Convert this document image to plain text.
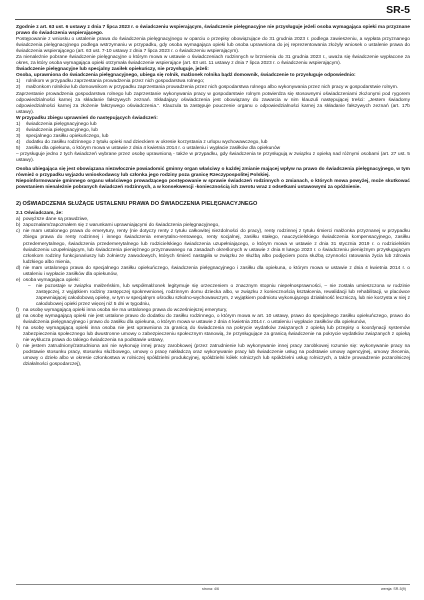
SR-5

Zgodnie z art. 63 ust. 6 ustawy z dnia 7 lipca 2023 r. o świadczeniu wspierającym, świadczenie pielęgnacyjne nie przysługuje jeżeli osoba wymagająca opieki ma przyznane prawo do świadczenia wspierającego.

Postępowanie z wniosku o ustalenie prawa do świadczenia pielęgnacyjnego w oparciu o przepisy obowiązujące do 31 grudnia 2023 r. podlega zawieszeniu, a wypłata przyznanego świadczenia pielęgnacyjnego podlega wstrzymaniu w przypadku, gdy osoba wymagająca opieki lub osoba uprawniona do jej reprezentowania złożyły wniosek o ustalenie prawa do świadczenia wspierającego (art. 63 ust. 7-10 ustawy z dnia 7 lipca 2023 r. o świadczeniu wspierającym).

Za nienależnie pobrane świadczenie pielęgnacyjne o którym mowa w ustawie o świadczeniach rodzinnych w brzmieniu do 31 grudnia 2023 r., uważa się świadczenie wypłacone za okres, za który osoba wymagająca opieki otrzymała świadczenie wspierające (art. 63 ust. 11 ustawy z dnia 7 lipca 2023 r. o świadczeniu wspierającym).

Świadczenie pielęgnacyjne lub specjalny zasiłek opiekuńczy, nie przysługuje, jeżeli:

Osoba, uprawniona do świadczenia pielęgnacyjnego, ubiega się rolnik, małżonek rolnika bądź domownik, świadczenie to przysługuje odpowiednio:

1)	rolnikom w przypadku zaprzestania prowadzenia przez nich gospodarstwa rolnego;
2)	małżonkom rolników lub domownikom w przypadku zaprzestania prowadzenia przez nich gospodarstwa rolnego albo wykonywania przez nich pracy w gospodarstwie rolnym.

Zaprzestanie prowadzenia gospodarstwa rolnego lub zaprzestanie wykonywania pracy w gospodarstwie rolnym potwierdza się stosownymi oświadczeniami złożonymi pod rygorem odpowiedzialności karnej za składanie fałszywych zeznań. Składający oświadczenia jest obowiązany do zawarcia w nim klauzuli następującej treści: „Jestem świadomy odpowiedzialności karnej za złożenie fałszywego oświadczenia.”. Klauzula ta zastępuje pouczenie organu o odpowiedzialności karnej za składanie fałszywych zeznań (art. 17b ustawy).

W przypadku zbiegu uprawnień do następujących świadczeń:

1)	świadczenia pielęgnacyjnego lub
2)	świadczenia pielęgnacyjnego, lub
3)	specjalnego zasiłku opiekuńczego, lub
4)	dodatku do zasiłku rodzinnego z tytułu opieki nad dzieckiem w okresie korzystania z urlopu wychowawczego, lub
5)	zasiłku dla opiekuna, o którym mowa w ustawie z dnia 4 kwietnia 2014 r. o ustaleniu i wypłacie zasiłków dla opiekunów

– przysługuje jedno z tych świadczeń wybrane przez osobę uprawnioną - także w przypadku, gdy świadczenia te przysługują w związku z opieką nad różnymi osobami (art. 27 ust. 5 ustawy).

Osoba ubiegająca się jest obowiązana niezwłocznie powiadomić gminny organ właściwy o każdej zmianie mającej wpływ na prawo do świadczenia pielęgnacyjnego, w tym również o przypadku wyjazdu wnioskodawcy lub członka jego rodziny poza granicę Rzeczypospolitej Polskiej.

Niepoinformowanie gminnego organu właściwego prowadzącego postępowanie w sprawie świadczeń rodzinnych o zmianach, o których mowa powyżej, może skutkować powstaniem nienależnie pobranych świadczeń rodzinnych, a w konsekwencji -koniecznością ich zwrotu wraz z odsetkami ustawowymi za opóźnienie.

2) OŚWIADCZENIA SŁUŻĄCE USTALENIU PRAWA DO ŚWIADCZENIA PIELĘGNACYJNEGO

2.1 Oświadczam, że:

a) powyższe dane są prawdziwe,
b) zapoznałam/zapoznałem się z warunkami uprawniającymi do świadczenia pielęgnacyjnego,
c) nie mam ustalonego prawa do emerytury, renty (nie dotyczy renty z tytułu całkowitej niezdolności do pracy), renty rodzinnej z tytułu śmierci małżonka przyznanej w przypadku zbiegu prawa do renty rodzinnej i innego świadczenia emerytalno-rentowego, renty socjalnej, zasiłku stałego, nauczycielskiego świadczenia kompensacyjnego, zasiłku przedemerytalnego, świadczenia przedemerytalnego lub rodzicielskiego świadczenia uzupełniającego, o którym mowa w ustawie z dnia 31 stycznia 2019 r. o rodzicielskim świadczeniu uzupełniającym, lub świadczenia pieniężnego przyznawanego na zasadach określonych w ustawie z dnia 8 lutego 2023 r. o świadczeniu pieniężnym przysługującym członkom rodziny funkcjonariuszy lub żołnierzy zawodowych, których śmierć nastąpiła w związku ze służbą albo podjęciem poza służbą czynności ratowania życia lub zdrowia ludzkiego albo mienia,
d) nie mam ustalonego prawa do specjalnego zasiłku opiekuńczego, świadczenia pielęgnacyjnego i zasiłku dla opiekuna, o którym mowa w ustawie z dnia 4 kwietnia 2014 r. o ustaleniu i wypłacie zasiłków dla opiekunów,
e) osoba wymagająca opieki:
–	nie pozostaje w związku małżeńskim, lub współmałżonek legitymuje się orzeczeniem o znacznym stopniu niepełnosprawności, – nie została umieszczona w rodzinie zastępczej, z wyjątkiem rodziny zastępczej spokrewnionej, rodzinnym domu dziecka albo, w związku z koniecznością kształcenia, rewalidacji lub rehabilitacji, w placówce zapewniającej całodobową opiekę, w tym w specjalnym ośrodku szkolno-wychowawczym, z wyjątkiem podmiotu wykonującego działalność leczniczą, lub nie korzysta w niej z całodobowej opieki przez więcej niż 5 dni w tygodniu,
f) na osobę wymagającą opieki inna osoba nie ma ustalonego prawa do wcześniejszej emerytury,
g) na osobę wymagającą opieki nie jest ustalone prawo do dodatku do zasiłku rodzinnego, o którym mowa w art. 10 ustawy, prawo do specjalnego zasiłku opiekuńczego, prawo do świadczenia pielęgnacyjnego i prawo do zasiłku dla opiekuna, o którym mowa w ustawie z dnia 4 kwietnia 2014 r. o ustaleniu i wypłacie zasiłków dla opiekunów,
h) na osobę wymagającą opieki inna osoba nie jest uprawniona za granicą do świadczenia na pokrycie wydatków związanych z opieką lub przepisy o koordynacji systemów zabezpieczenia społecznego lub dwustronne umowy o zabezpieczeniu społecznym stanowią, że przysługujące za granicą świadczenie na pokrycie wydatków związanych z opieką nie wyklucza prawa do takiego świadczenia na podstawie ustawy,
i) nie jestem zatrudniony/zatrudniona ani nie wykonuję innej pracy zarobkowej (przez zatrudnienie lub wykonywanie innej pracy zarobkowej rozumie się: wykonywanie pracy na podstawie stosunku pracy, stosunku służbowego, umowy o pracę nakładczą oraz wykonywanie pracy lub świadczenie usług na podstawie umowy agencyjnej, umowy zlecenia, umowy o dzieło albo w okresie członkostwa w rolniczej spółdzielni produkcyjnej, spółdzielni kółek rolniczych lub spółdzielni usług rolniczych, a także prowadzenie pozarolniczej działalności gospodarczej),
strona: 4/6	wersja: SR-5(9)
